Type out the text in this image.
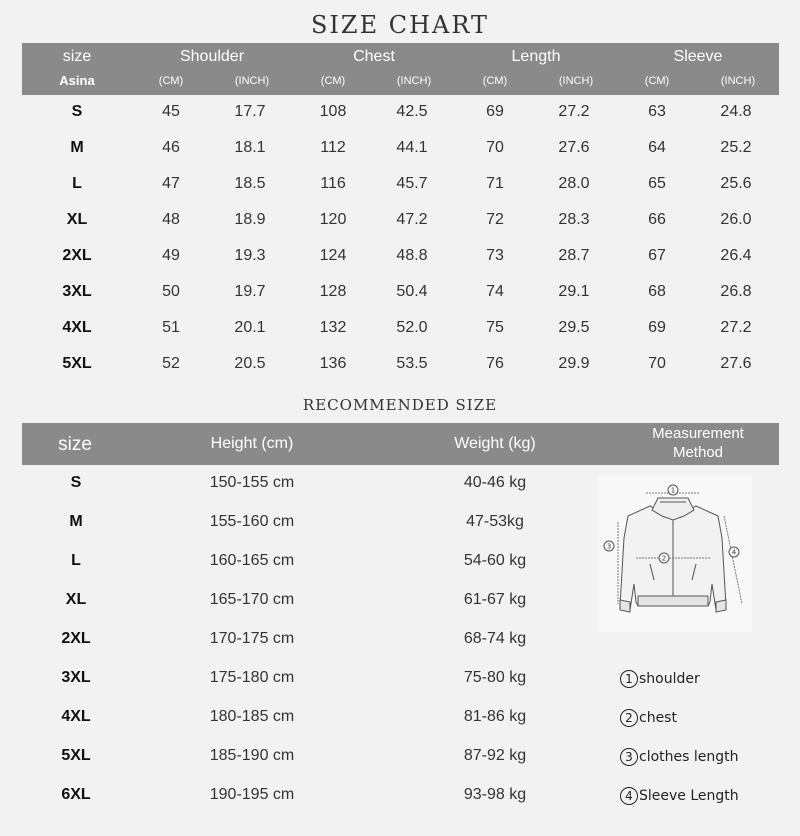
SIZE CHART
size
Asina
Shoulder	Chest	Length	Sleeve
(CM)	(INCH)	(CM)	(INCH)	(CM)	(INCH)	(CM)	(INCH)
S	45	17.7	108	42.5	69	27.2	63	24.8
M	46	18.1	112	44.1	70	27.6	64	25.2
L	47	18.5	116	45.7	71	28.0	65	25.6
XL	48	18.9	120	47.2	72	28.3	66	26.0
2XL	49	19.3	124	48.8	73	28.7	67	26.4
3XL	50	19.7	128	50.4	74	29.1	68	26.8
4XL	51	20.1	132	52.0	75	29.5	69	27.2
5XL	52	20.5	136	53.5	76	29.9	70	27.6
RECOMMENDED SIZE
size	Height (cm)	Weight (kg)
Measurement
Method
S	150-155 cm	40-46 kg
M	155-160 cm	47-53kg
L	160-165 cm	54-60 kg
XL	165-170 cm	61-67 kg
2XL	170-175 cm	68-74 kg
3XL	175-180 cm	75-80 kg
4XL	180-185 cm	81-86 kg
5XL	185-190 cm	87-92 kg
6XL	190-195 cm	93-98 kg
1
3
2
4
1 shoulder
2 chest
3 clothes length
4 Sleeve Length
